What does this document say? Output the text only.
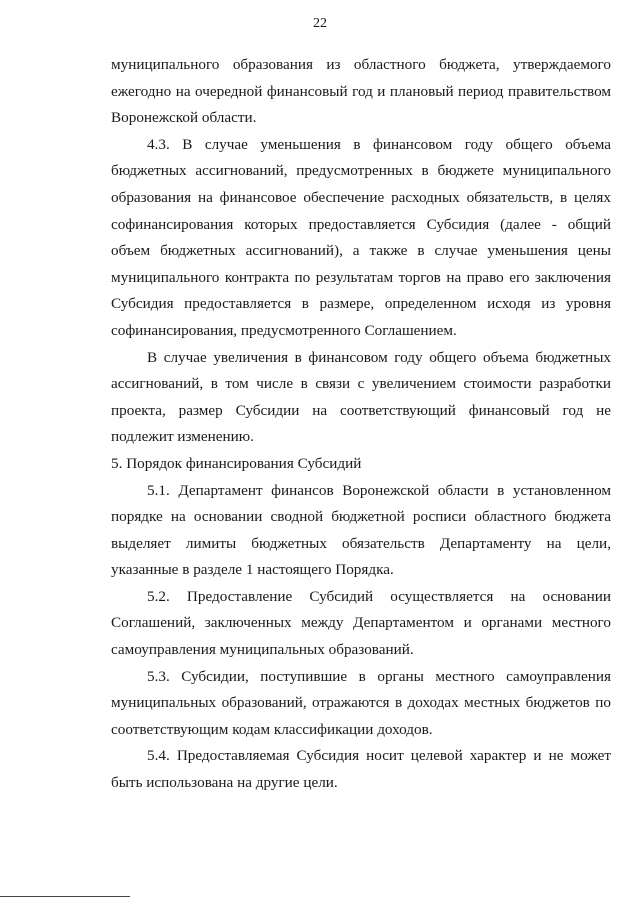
22

муниципального образования из областного бюджета, утверждаемого ежегодно на очередной финансовый год и плановый период правительством Воронежской области.

4.3. В случае уменьшения в финансовом году общего объема бюджетных ассигнований, предусмотренных в бюджете муниципального образования на финансовое обеспечение расходных обязательств, в целях софинансирования которых предоставляется Субсидия (далее - общий объем бюджетных ассигнований), а также в случае уменьшения цены муниципального контракта по результатам торгов на право его заключения Субсидия предоставляется в размере, определенном исходя из уровня софинансирования, предусмотренного Соглашением.

В случае увеличения в финансовом году общего объема бюджетных ассигнований, в том числе в связи с увеличением стоимости разработки проекта, размер Субсидии на соответствующий финансовый год не подлежит изменению.

5. Порядок финансирования Субсидий

5.1. Департамент финансов Воронежской области в установленном порядке на основании сводной бюджетной росписи областного бюджета выделяет лимиты бюджетных обязательств Департаменту на цели, указанные в разделе 1 настоящего Порядка.

5.2. Предоставление Субсидий осуществляется на основании Соглашений, заключенных между Департаментом и органами местного самоуправления муниципальных образований.

5.3. Субсидии, поступившие в органы местного самоуправления муниципальных образований, отражаются в доходах местных бюджетов по соответствующим кодам классификации доходов.

5.4. Предоставляемая Субсидия носит целевой характер и не может быть использована на другие цели.
